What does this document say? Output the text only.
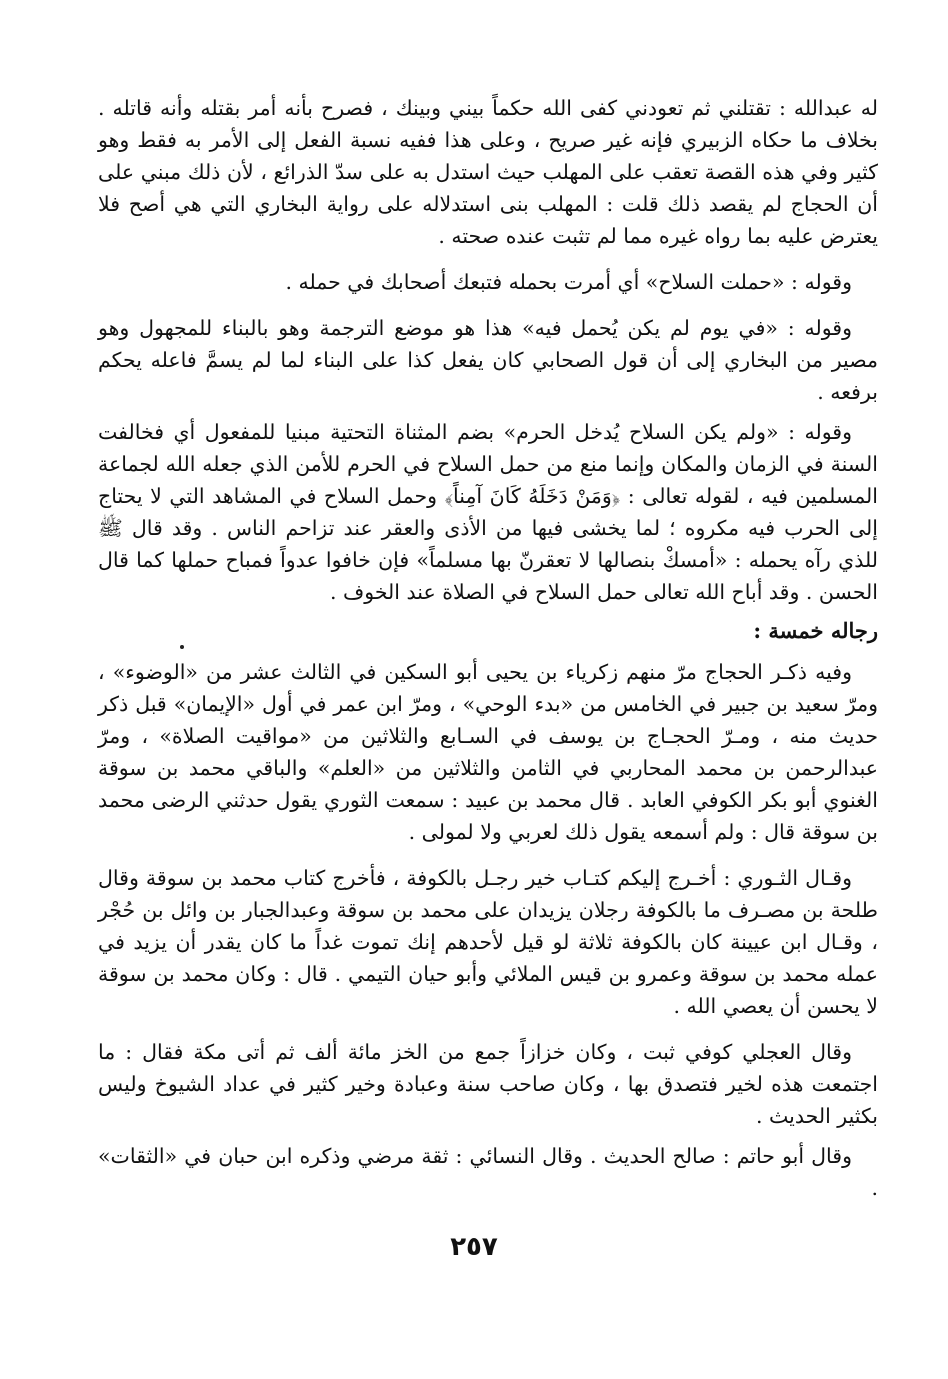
له عبدالله : تقتلني ثم تعودني كفى الله حكماً بيني وبينك ، فصرح بأنه أمر بقتله وأنه قاتله . بخلاف ما حكاه الزبيري فإنه غير صريح ، وعلى هذا ففيه نسبة الفعل إلى الأمر به فقط وهو كثير وفي هذه القصة تعقب على المهلب حيث استدل به على سدّ الذرائع ، لأن ذلك مبني على أن الحجاج لم يقصد ذلك قلت : المهلب بنى استدلاله على رواية البخاري التي هي أصح فلا يعترض عليه بما رواه غيره مما لم تثبت عنده صحته .

وقوله : «حملت السلاح» أي أمرت بحمله فتبعك أصحابك في حمله .

وقوله : «في يوم لم يكن يُحمل فيه» هذا هو موضع الترجمة وهو بالبناء للمجهول وهو مصير من البخاري إلى أن قول الصحابي كان يفعل كذا على البناء لما لم يسمَّ فاعله يحكم برفعه .

وقوله : «ولم يكن السلاح يُدخل الحرم» بضم المثناة التحتية مبنيا للمفعول أي فخالفت السنة في الزمان والمكان وإنما منع من حمل السلاح في الحرم للأمن الذي جعله الله لجماعة المسلمين فيه ، لقوله تعالى : ﴿وَمَنْ دَخَلَهُ كَانَ آمِناً﴾ وحمل السلاح في المشاهد التي لا يحتاج إلى الحرب فيه مكروه ؛ لما يخشى فيها من الأذى والعقر عند تزاحم الناس . وقد قال ﷺ للذي رآه يحمله : «أمسكْ بنصالها لا تعقرنّ بها مسلماً» فإن خافوا عدواً فمباح حملها كما قال الحسن . وقد أباح الله تعالى حمل السلاح في الصلاة عند الخوف .

رجاله خمسة :

وفيه ذكـر الحجاج مرّ منهم زكرياء بن يحيى أبو السكين في الثالث عشر من «الوضوء» ، ومرّ سعيد بن جبير في الخامس من «بدء الوحي» ، ومرّ ابن عمر في أول «الإيمان» قبل ذكر حديث منه ، ومـرّ الحجـاج بن يوسف في السـابع والثلاثين من «مواقيت الصلاة» ، ومرّ عبدالرحمن بن محمد المحاربي في الثامن والثلاثين من «العلم» والباقي محمد بن سوقة الغنوي أبو بكر الكوفي العابد . قال محمد بن عبيد : سمعت الثوري يقول حدثني الرضى محمد بن سوقة قال : ولم أسمعه يقول ذلك لعربي ولا لمولى .

وقـال الثـوري : أخـرج إليكم كتـاب خير رجـل بالكوفة ، فأخرج كتاب محمد بن سوقة وقال طلحة بن مصـرف ما بالكوفة رجلان يزيدان على محمد بن سوقة وعبدالجبار بن وائل بن حُجْر ، وقـال ابن عيينة كان بالكوفة ثلاثة لو قيل لأحدهم إنك تموت غداً ما كان يقدر أن يزيد في عمله محمد بن سوقة وعمرو بن قيس الملائي وأبو حيان التيمي . قال : وكان محمد بن سوقة لا يحسن أن يعصي الله .

وقال العجلي كوفي ثبت ، وكان خزازاً جمع من الخز مائة ألف ثم أتى مكة فقال : ما اجتمعت هذه لخير فتصدق بها ، وكان صاحب سنة وعبادة وخير كثير في عداد الشيوخ وليس بكثير الحديث .

وقال أبو حاتم : صالح الحديث . وقال النسائي : ثقة مرضي وذكره ابن حبان في «الثقات» .

٢٥٧
